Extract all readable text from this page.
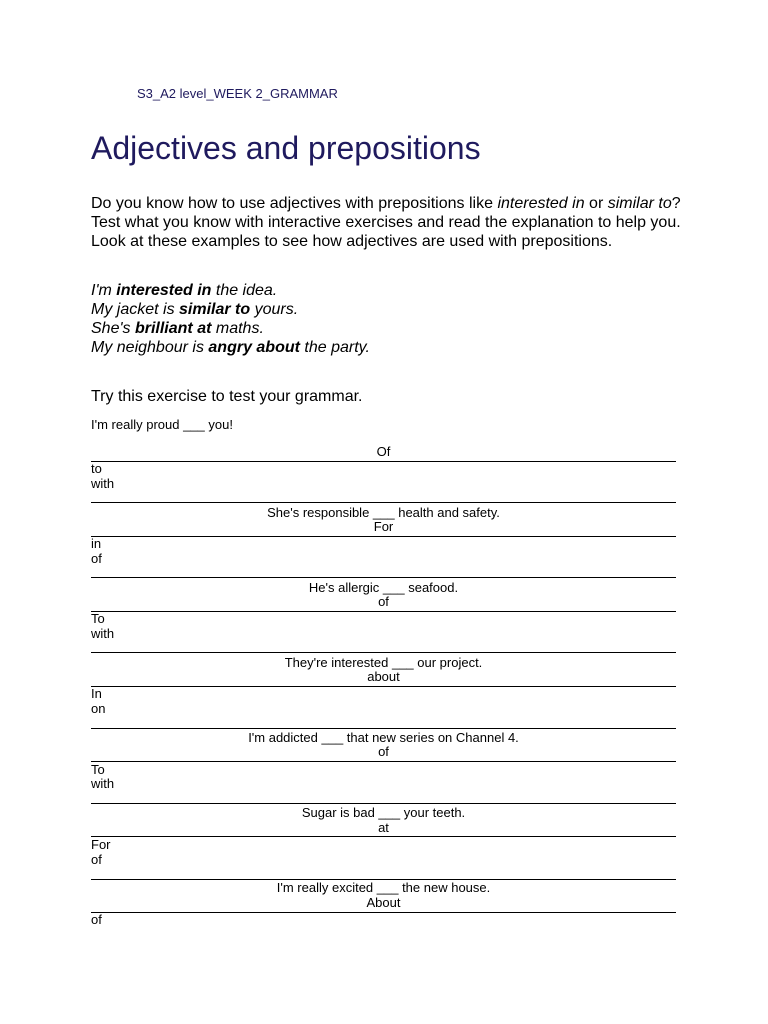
S3_A2 level_WEEK 2_GRAMMAR
Adjectives and prepositions

Do you know how to use adjectives with prepositions like interested in or similar to? Test what you know with interactive exercises and read the explanation to help you.

Look at these examples to see how adjectives are used with prepositions.

I'm interested in the idea.
My jacket is similar to yours.
She's brilliant at maths.
My neighbour is angry about the party.
Try this exercise to test your grammar.
I'm really proud ___ you!
Of
to
with
She's responsible ___ health and safety.
For
in
of
He's allergic ___ seafood.
of
To
with
They're interested ___ our project.
about
In
on
I'm addicted ___ that new series on Channel 4.
of
To
with
Sugar is bad ___ your teeth.
at
For
of
I'm really excited ___ the new house.
About
of
